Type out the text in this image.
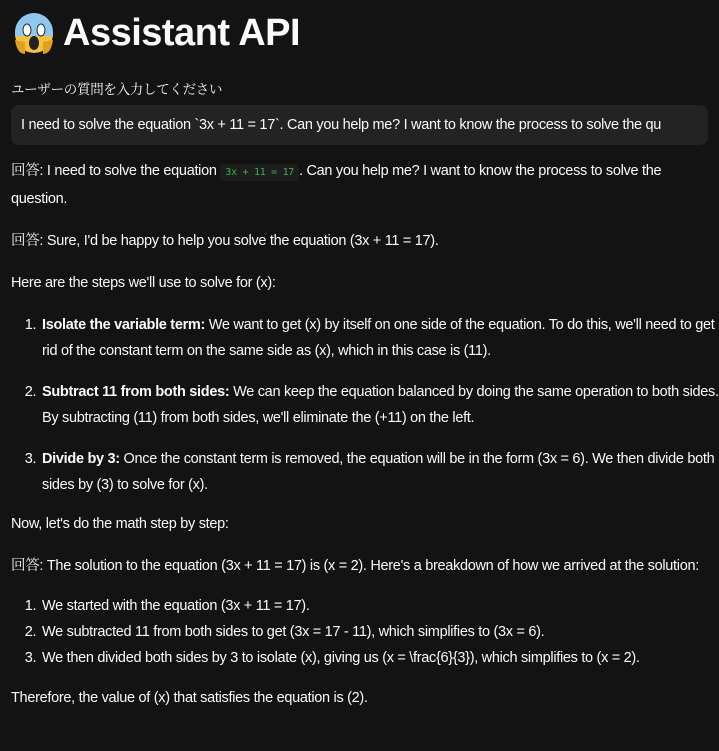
Assistant API
ユーザーの質問を入力してください
I need to solve the equation `3x + 11 = 17`. Can you help me? I want to know the process to solve the qu

回答: I need to solve the equation 3x + 11 = 17 . Can you help me? I want to know the process to solve the question.

回答: Sure, I'd be happy to help you solve the equation (3x + 11 = 17).

Here are the steps we'll use to solve for (x):

1. Isolate the variable term: We want to get (x) by itself on one side of the equation. To do this, we'll need to get rid of the constant term on the same side as (x), which in this case is (11).
2. Subtract 11 from both sides: We can keep the equation balanced by doing the same operation to both sides. By subtracting (11) from both sides, we'll eliminate the (+11) on the left.
3. Divide by 3: Once the constant term is removed, the equation will be in the form (3x = 6). We then divide both sides by (3) to solve for (x).

Now, let's do the math step by step:

回答: The solution to the equation (3x + 11 = 17) is (x = 2). Here's a breakdown of how we arrived at the solution:

1. We started with the equation (3x + 11 = 17).
2. We subtracted 11 from both sides to get (3x = 17 - 11), which simplifies to (3x = 6).
3. We then divided both sides by 3 to isolate (x), giving us (x = \frac{6}{3}), which simplifies to (x = 2).

Therefore, the value of (x) that satisfies the equation is (2).
